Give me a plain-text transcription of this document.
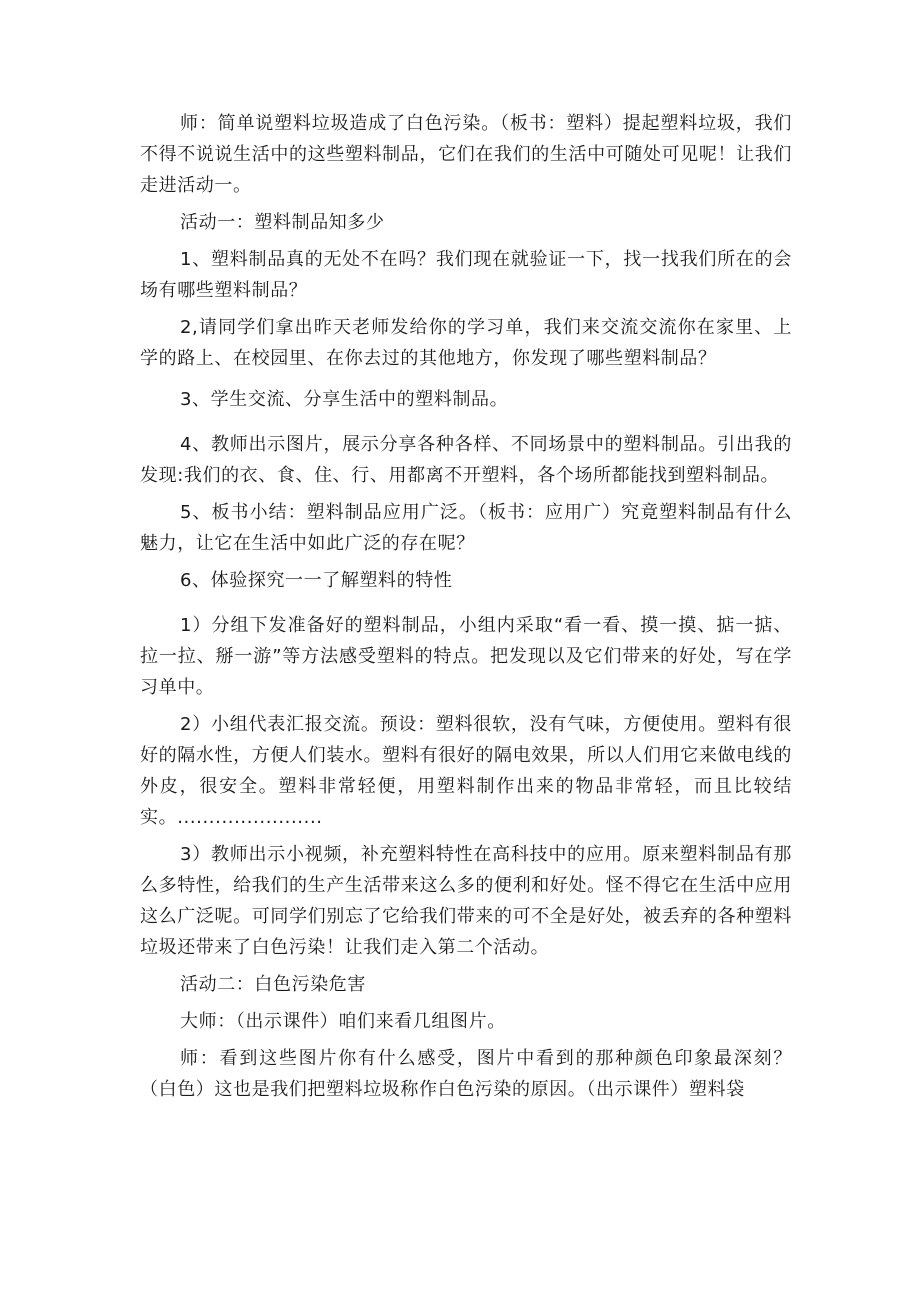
师：简单说塑料垃圾造成了白色污染。（板书：塑料）提起塑料垃圾，我们不得不说说生活中的这些塑料制品，它们在我们的生活中可随处可见呢！让我们走进活动一。

活动一：塑料制品知多少

1、塑料制品真的无处不在吗？我们现在就验证一下，找一找我们所在的会场有哪些塑料制品？

2,请同学们拿出昨天老师发给你的学习单，我们来交流交流你在家里、上学的路上、在校园里、在你去过的其他地方，你发现了哪些塑料制品？

3、学生交流、分享生活中的塑料制品。

4、教师出示图片，展示分享各种各样、不同场景中的塑料制品。引出我的发现:我们的衣、食、住、行、用都离不开塑料，各个场所都能找到塑料制品。

5、板书小结：塑料制品应用广泛。（板书：应用广）究竟塑料制品有什么魅力，让它在生活中如此广泛的存在呢？

6、体验探究一一了解塑料的特性

1）分组下发准备好的塑料制品，小组内采取“看一看、摸一摸、掂一掂、拉一拉、掰一游”等方法感受塑料的特点。把发现以及它们带来的好处，写在学习单中。

2）小组代表汇报交流。预设：塑料很软，没有气味，方便使用。塑料有很好的隔水性，方便人们装水。塑料有很好的隔电效果，所以人们用它来做电线的外皮，很安全。塑料非常轻便，用塑料制作出来的物品非常轻，而且比较结实。.......................

3）教师出示小视频，补充塑料特性在高科技中的应用。原来塑料制品有那么多特性，给我们的生产生活带来这么多的便利和好处。怪不得它在生活中应用这么广泛呢。可同学们别忘了它给我们带来的可不全是好处，被丢弃的各种塑料垃圾还带来了白色污染！让我们走入第二个活动。

活动二：白色污染危害

大师：（出示课件）咱们来看几组图片。

师：看到这些图片你有什么感受，图片中看到的那种颜色印象最深刻？（白色）这也是我们把塑料垃圾称作白色污染的原因。（出示课件）塑料袋
